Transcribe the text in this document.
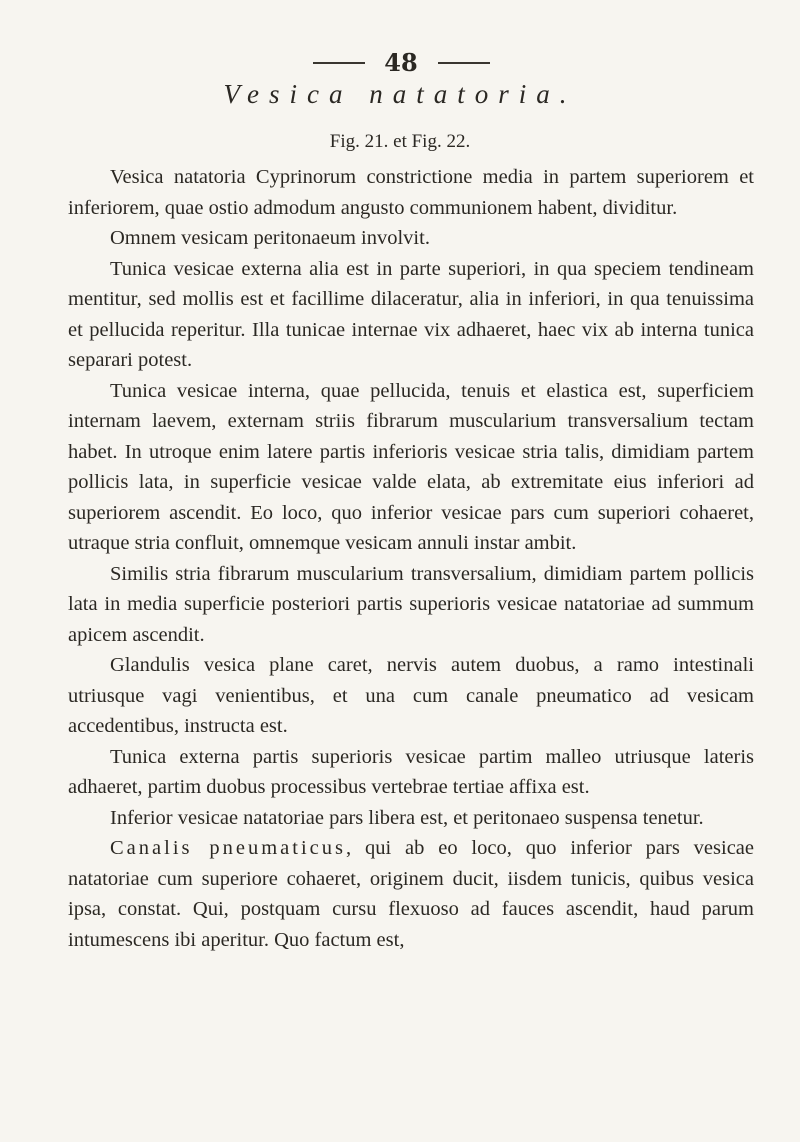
48
Vesica natatoria.
Fig. 21. et Fig. 22.

Vesica natatoria Cyprinorum constrictione media in partem superiorem et inferiorem, quae ostio admodum angusto communionem habent, dividitur.

Omnem vesicam peritonaeum involvit.

Tunica vesicae externa alia est in parte superiori, in qua speciem tendineam mentitur, sed mollis est et facillime dilaceratur, alia in inferiori, in qua tenuissima et pellucida reperitur. Illa tunicae internae vix adhaeret, haec vix ab interna tunica separari potest.

Tunica vesicae interna, quae pellucida, tenuis et elastica est, superficiem internam laevem, externam striis fibrarum muscularium transversalium tectam habet. In utroque enim latere partis inferioris vesicae stria talis, dimidiam partem pollicis lata, in superficie vesicae valde elata, ab extremitate eius inferiori ad superiorem ascendit. Eo loco, quo inferior vesicae pars cum superiori cohaeret, utraque stria confluit, omnemque vesicam annuli instar ambit.

Similis stria fibrarum muscularium transversalium, dimidiam partem pollicis lata in media superficie posteriori partis superioris vesicae natatoriae ad summum apicem ascendit.

Glandulis vesica plane caret, nervis autem duobus, a ramo intestinali utriusque vagi venientibus, et una cum canale pneumatico ad vesicam accedentibus, instructa est.

Tunica externa partis superioris vesicae partim malleo utriusque lateris adhaeret, partim duobus processibus vertebrae tertiae affixa est.

Inferior vesicae natatoriae pars libera est, et peritonaeo suspensa tenetur.

Canalis pneumaticus, qui ab eo loco, quo inferior pars vesicae natatoriae cum superiore cohaeret, originem ducit, iisdem tunicis, quibus vesica ipsa, constat. Qui, postquam cursu flexuoso ad fauces ascendit, haud parum intumescens ibi aperitur. Quo factum est,
